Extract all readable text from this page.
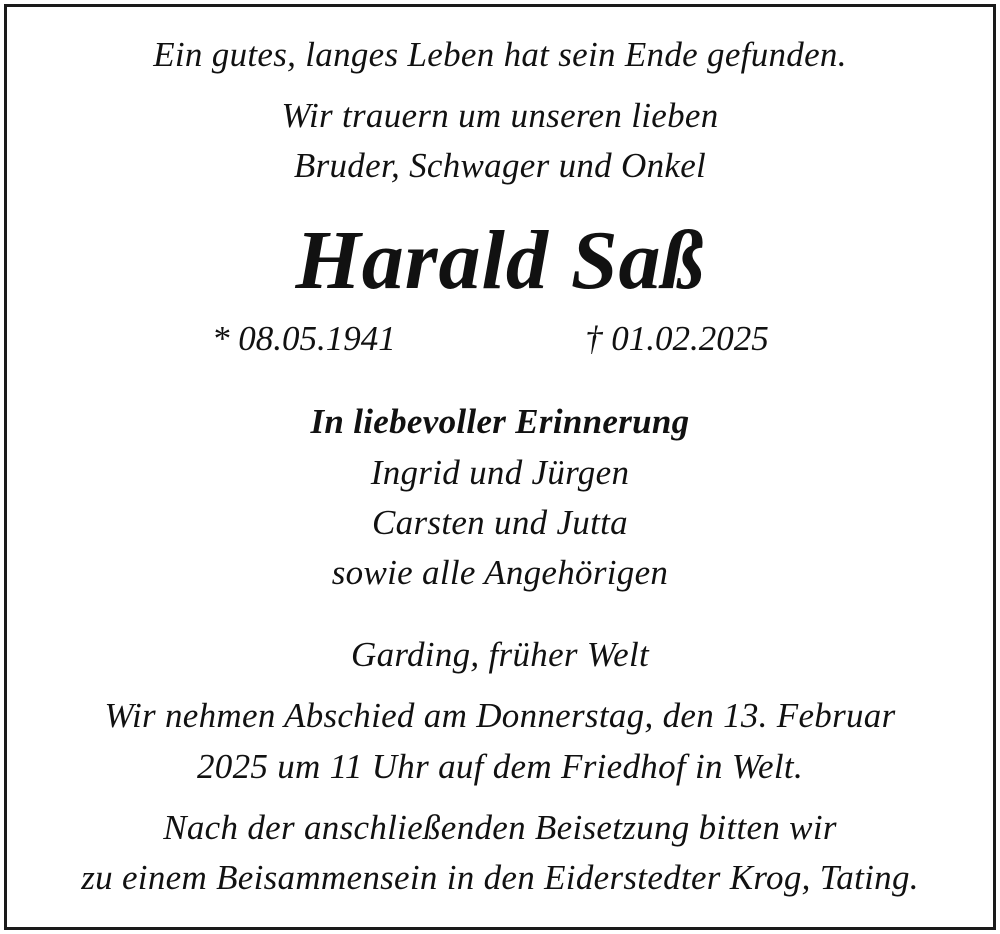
Ein gutes, langes Leben hat sein Ende gefunden.
Wir trauern um unseren lieben
Bruder, Schwager und Onkel
Harald Saß
* 08.05.1941	† 01.02.2025
In liebevoller Erinnerung
Ingrid und Jürgen
Carsten und Jutta
sowie alle Angehörigen
Garding, früher Welt
Wir nehmen Abschied am Donnerstag, den 13. Februar
2025 um 11 Uhr auf dem Friedhof in Welt.
Nach der anschließenden Beisetzung bitten wir
zu einem Beisammensein in den Eiderstedter Krog, Tating.
